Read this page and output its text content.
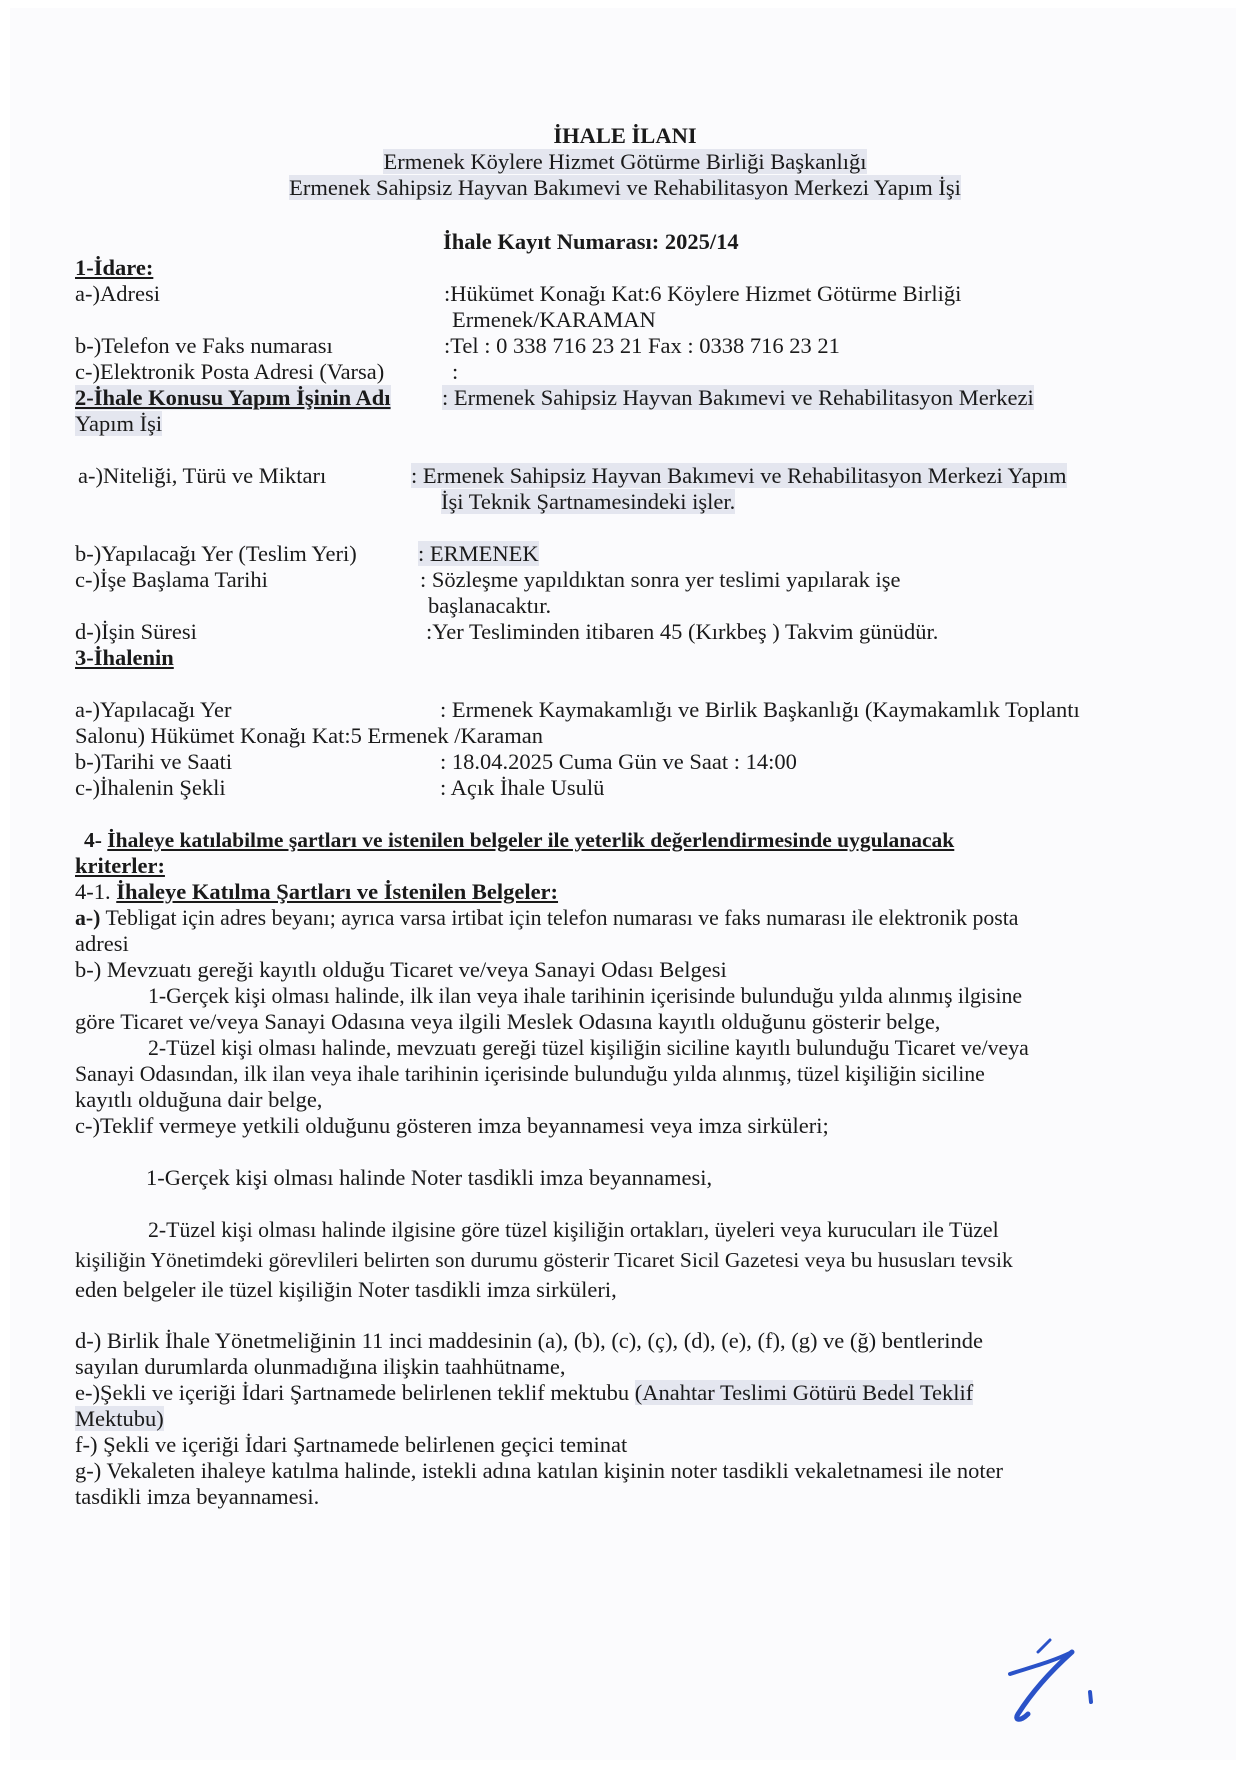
İHALE İLANI
Ermenek Köylere Hizmet Götürme Birliği Başkanlığı
Ermenek Sahipsiz Hayvan Bakımevi ve Rehabilitasyon Merkezi Yapım İşi
İhale Kayıt Numarası: 2025/14
1-İdare:
a-)Adresi	:Hükümet Konağı Kat:6 Köylere Hizmet Götürme Birliği
Ermenek/KARAMAN
b-)Telefon ve Faks numarası	:Tel : 0 338 716 23 21 Fax : 0338 716 23 21
c-)Elektronik Posta Adresi (Varsa)	:
2-İhale Konusu Yapım İşinin Adı : Ermenek Sahipsiz Hayvan Bakımevi ve Rehabilitasyon Merkezi
Yapım İşi
a-)Niteliği, Türü ve Miktarı	: Ermenek Sahipsiz Hayvan Bakımevi ve Rehabilitasyon Merkezi Yapım
İşi Teknik Şartnamesindeki işler.
b-)Yapılacağı Yer (Teslim Yeri)	: ERMENEK
c-)İşe Başlama Tarihi	: Sözleşme yapıldıktan sonra yer teslimi yapılarak işe
başlanacaktır.
d-)İşin Süresi	:Yer Tesliminden itibaren 45 (Kırkbeş ) Takvim günüdür.
3-İhalenin
a-)Yapılacağı Yer	: Ermenek Kaymakamlığı ve Birlik Başkanlığı (Kaymakamlık Toplantı
Salonu) Hükümet Konağı Kat:5 Ermenek /Karaman
b-)Tarihi ve Saati	: 18.04.2025 Cuma Gün ve Saat : 14:00
c-)İhalenin Şekli	: Açık İhale Usulü
4- İhaleye katılabilme şartları ve istenilen belgeler ile yeterlik değerlendirmesinde uygulanacak
kriterler:
4-1. İhaleye Katılma Şartları ve İstenilen Belgeler:
a-) Tebligat için adres beyanı; ayrıca varsa irtibat için telefon numarası ve faks numarası ile elektronik posta
adresi
b-) Mevzuatı gereği kayıtlı olduğu Ticaret ve/veya Sanayi Odası Belgesi
1-Gerçek kişi olması halinde, ilk ilan veya ihale tarihinin içerisinde bulunduğu yılda alınmış ilgisine
göre Ticaret ve/veya Sanayi Odasına veya ilgili Meslek Odasına kayıtlı olduğunu gösterir belge,
2-Tüzel kişi olması halinde, mevzuatı gereği tüzel kişiliğin siciline kayıtlı bulunduğu Ticaret ve/veya
Sanayi Odasından, ilk ilan veya ihale tarihinin içerisinde bulunduğu yılda alınmış, tüzel kişiliğin siciline
kayıtlı olduğuna dair belge,
c-)Teklif vermeye yetkili olduğunu gösteren imza beyannamesi veya imza sirküleri;
1-Gerçek kişi olması halinde Noter tasdikli imza beyannamesi,
2-Tüzel kişi olması halinde ilgisine göre tüzel kişiliğin ortakları, üyeleri veya kurucuları ile Tüzel
kişiliğin Yönetimdeki görevlileri belirten son durumu gösterir Ticaret Sicil Gazetesi veya bu hususları tevsik
eden belgeler ile tüzel kişiliğin Noter tasdikli imza sirküleri,
d-) Birlik İhale Yönetmeliğinin 11 inci maddesinin (a), (b), (c), (ç), (d), (e), (f), (g) ve (ğ) bentlerinde
sayılan durumlarda olunmadığına ilişkin taahhütname,
e-)Şekli ve içeriği İdari Şartnamede belirlenen teklif mektubu (Anahtar Teslimi Götürü Bedel Teklif
Mektubu)
f-) Şekli ve içeriği İdari Şartnamede belirlenen geçici teminat
g-) Vekaleten ihaleye katılma halinde, istekli adına katılan kişinin noter tasdikli vekaletnamesi ile noter
tasdikli imza beyannamesi.
